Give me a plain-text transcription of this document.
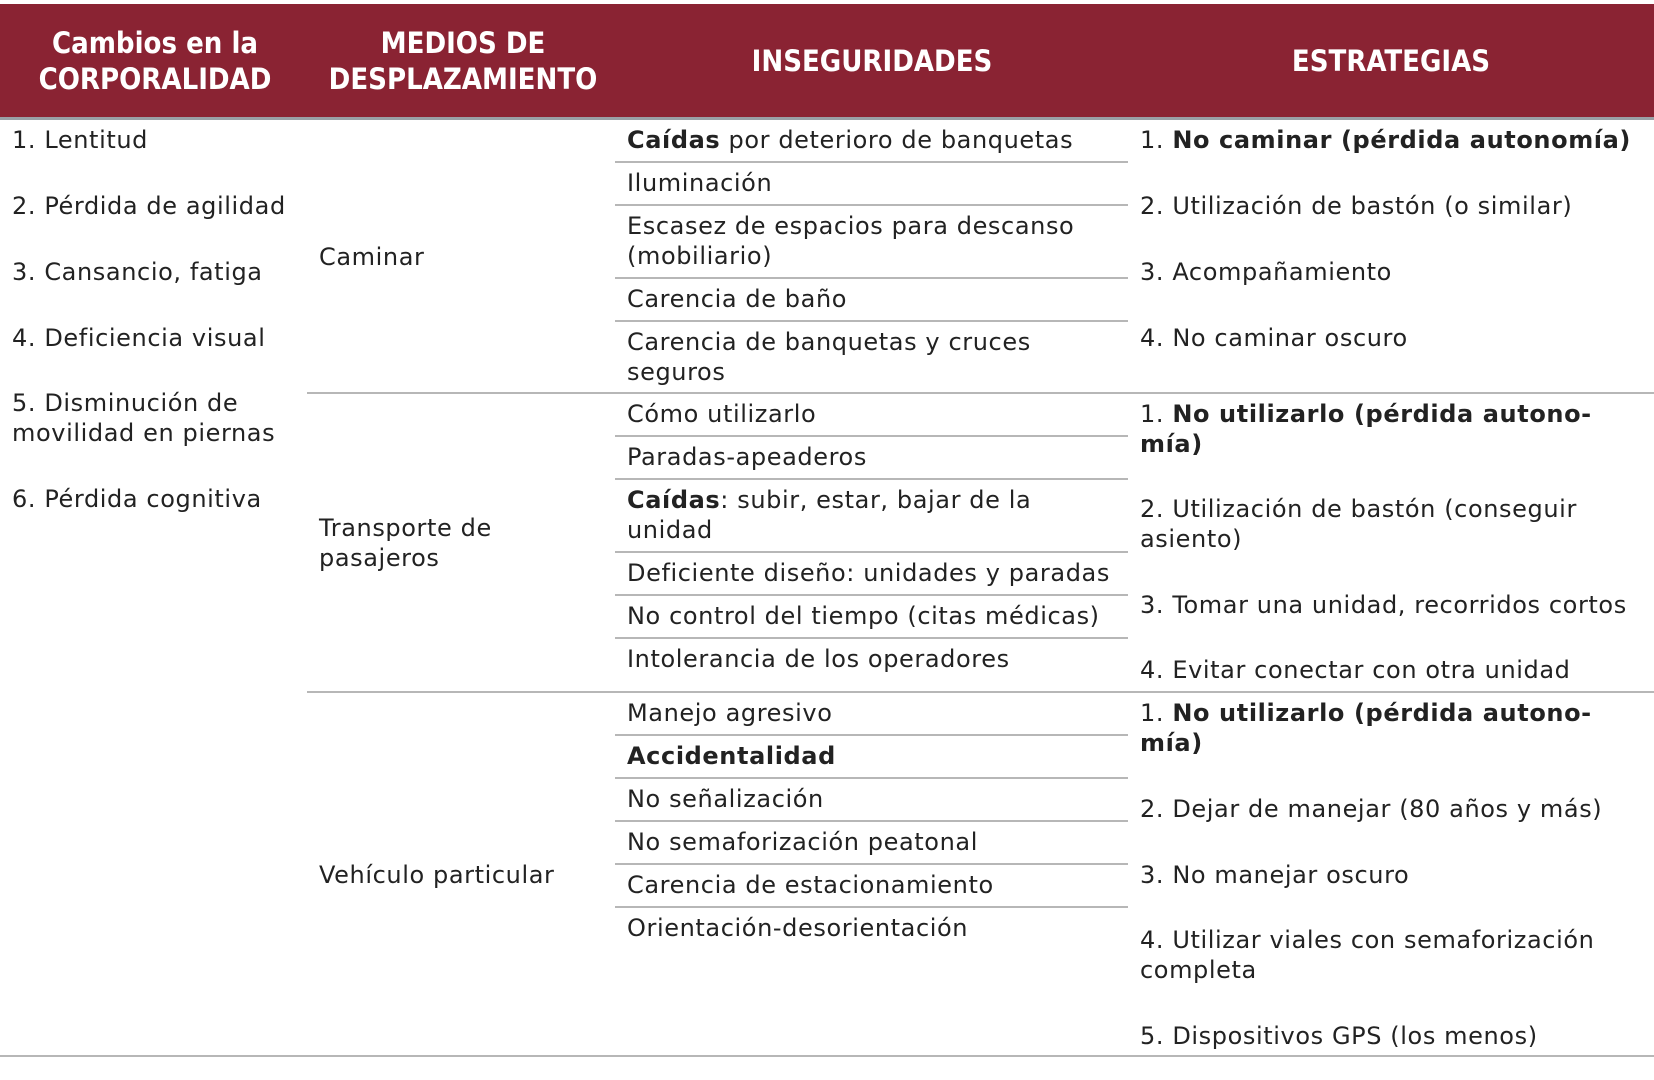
Cambios en la
CORPORALIDAD
MEDIOS DE
DESPLAZAMIENTO
INSEGURIDADES	ESTRATEGIAS
1. Lentitud
2. Pérdida de agilidad
3. Cansancio, fatiga
4. Deficiencia visual
5. Disminución de
movilidad en piernas
6. Pérdida cognitiva
Caminar
Transporte de
pasajeros
Vehículo particular
Caídas por deterioro de banquetas
Iluminación
Escasez de espacios para descanso
(mobiliario)
Carencia de baño
Carencia de banquetas y cruces
seguros
Cómo utilizarlo
Paradas-apeaderos
Caídas: subir, estar, bajar de la
unidad
Deficiente diseño: unidades y paradas
No control del tiempo (citas médicas)
Intolerancia de los operadores
Manejo agresivo
Accidentalidad
No señalización
No semaforización peatonal
Carencia de estacionamiento
Orientación-desorientación
1. No caminar (pérdida autonomía)
2. Utilización de bastón (o similar)
3. Acompañamiento
4. No caminar oscuro
1. No utilizarlo (pérdida autono-
mía)
2. Utilización de bastón (conseguir
asiento)
3. Tomar una unidad, recorridos cortos
4. Evitar conectar con otra unidad
1. No utilizarlo (pérdida autono-
mía)
2. Dejar de manejar (80 años y más)
3. No manejar oscuro
4. Utilizar viales con semaforización
completa
5. Dispositivos GPS (los menos)
